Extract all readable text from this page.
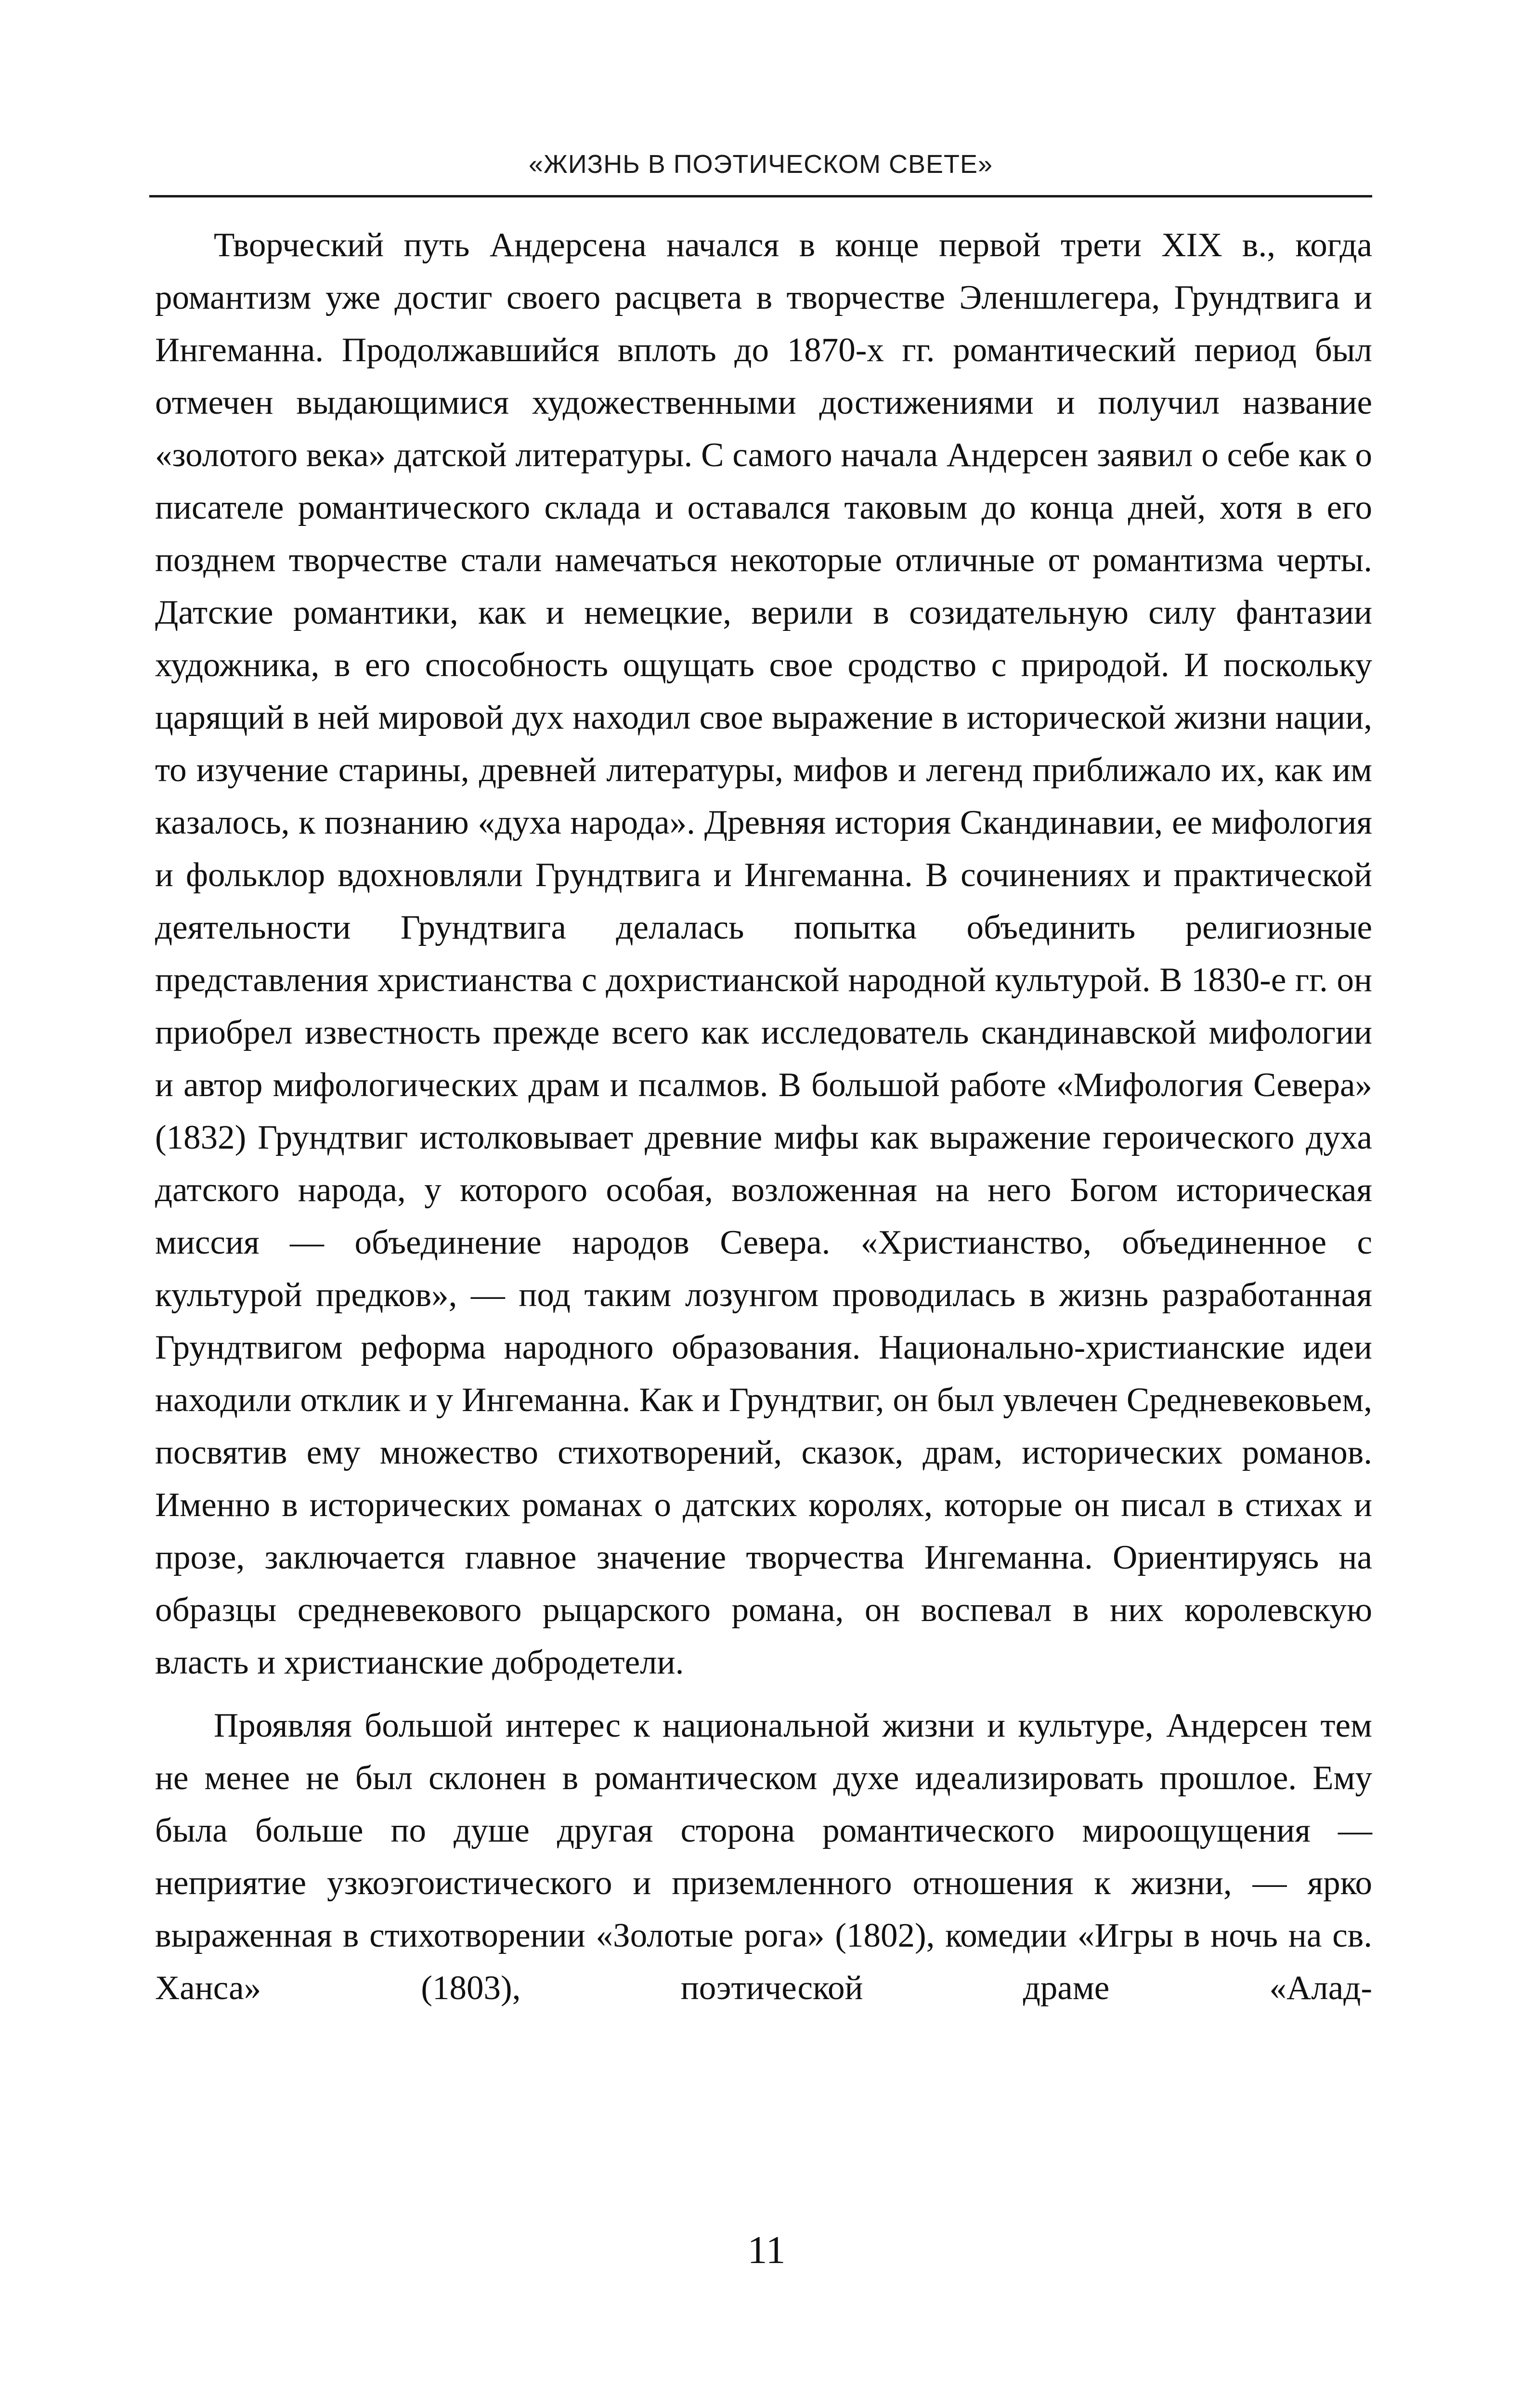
«ЖИЗНЬ В ПОЭТИЧЕСКОМ СВЕТЕ»

Творческий путь Андерсена начался в конце первой трети XIX в., когда романтизм уже достиг своего расцвета в творчестве Эленшлегера, Грундтвига и Ингеманна. Продолжавшийся вплоть до 1870-х гг. романтический период был отмечен выдающимися художественными достижениями и получил название «золотого века» датской литературы. С самого начала Андерсен заявил о себе как о писателе романтического склада и оставался таковым до конца дней, хотя в его позднем творчестве стали намечаться некоторые отличные от романтизма черты. Датские романтики, как и немецкие, верили в созидательную силу фантазии художника, в его способность ощущать свое сродство с природой. И поскольку царящий в ней мировой дух находил свое выражение в исторической жизни нации, то изучение старины, древней литературы, мифов и легенд приближало их, как им казалось, к познанию «духа народа». Древняя история Скандинавии, ее мифология и фольклор вдохновляли Грундтвига и Ингеманна. В сочинениях и практической деятельности Грундтвига делалась попытка объединить религиозные представления христианства с дохристианской народной культурой. В 1830-е гг. он приобрел известность прежде всего как исследователь скандинавской мифологии и автор мифологических драм и псалмов. В большой работе «Мифология Севера» (1832) Грундтвиг истолковывает древние мифы как выражение героического духа датского народа, у которого особая, возложенная на него Богом историческая миссия — объединение народов Севера. «Христианство, объединенное с культурой предков», — под таким лозунгом проводилась в жизнь разработанная Грундтвигом реформа народного образования. Национально-христианские идеи находили отклик и у Ингеманна. Как и Грундтвиг, он был увлечен Средневековьем, посвятив ему множество стихотворений, сказок, драм, исторических романов. Именно в исторических романах о датских королях, которые он писал в стихах и прозе, заключается главное значение творчества Ингеманна. Ориентируясь на образцы средневекового рыцарского романа, он воспевал в них королевскую власть и христианские добродетели.

Проявляя большой интерес к национальной жизни и культуре, Андерсен тем не менее не был склонен в романтическом духе идеализировать прошлое. Ему была больше по душе другая сторона романтического мироощущения — неприятие узкоэгоистического и приземленного отношения к жизни, — ярко выраженная в стихотворении «Золотые рога» (1802), комедии «Игры в ночь на св. Ханса» (1803), поэтической драме «Алад-

11
